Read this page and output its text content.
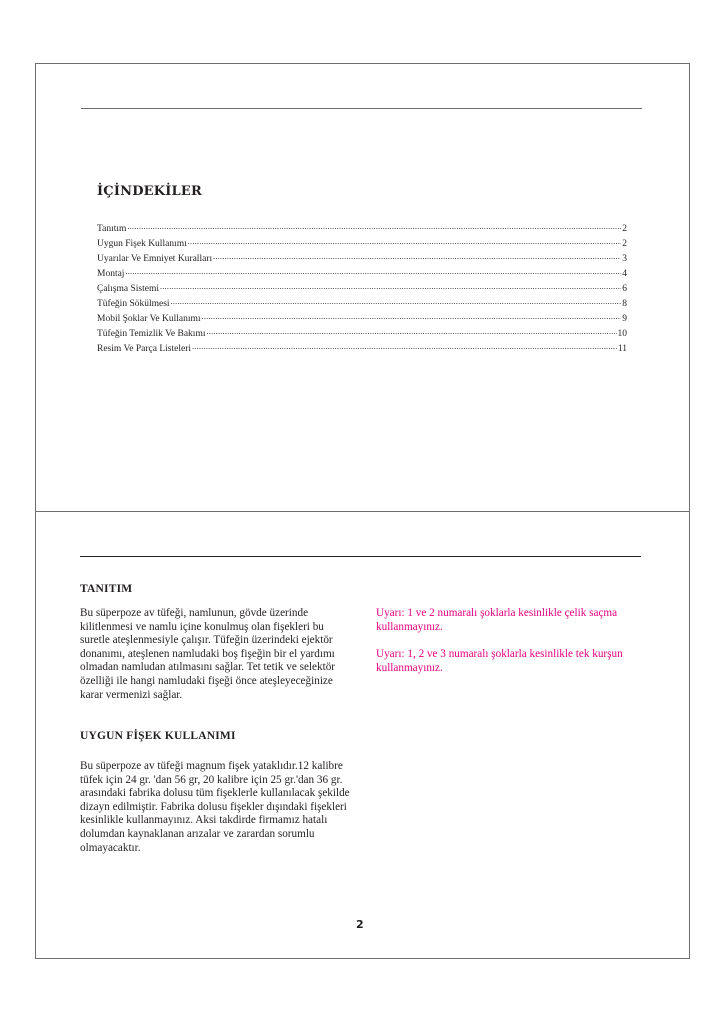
İÇİNDEKİLER
Tanıtım .....	2
Uygun Fişek Kullanımı .....	2
Uyarılar Ve Emniyet Kuralları .....	3
Montaj .....	4
Çalışma Sistemi .....	6
Tüfeğin Sökülmesi .....	8
Mobil Şoklar Ve Kullanımı .....	9
Tüfeğin Temizlik Ve Bakımı .....	10
Resim Ve Parça Listeleri .....	11
TANITIM

Bu süperpoze av tüfeği, namlunun, gövde üzerinde kilitlenmesi ve namlu içine konulmuş olan fişekleri bu suretle ateşlenmesiyle çalışır. Tüfeğin üzerindeki ejektör donanımı, ateşlenen namludaki boş fişeğin bir el yardımı olmadan namludan atılmasını sağlar. Tet tetik ve selektör özelliği ile hangi namludaki fişeği önce ateşleyeceğinize karar vermenizi sağlar.

Uyarı: 1 ve 2 numaralı şoklarla kesinlikle çelik saçma kullanmayınız.

Uyarı: 1, 2 ve 3 numaralı şoklarla kesinlikle tek kurşun kullanmayınız.

UYGUN FİŞEK KULLANIMI

Bu süperpoze av tüfeği magnum fişek yataklıdır.12 kalibre tüfek için 24 gr. 'dan 56 gr, 20 kalibre için 25 gr.'dan 36 gr. arasındaki fabrika dolusu tüm fişeklerle kullanılacak şekilde dizayn edilmiştir. Fabrika dolusu fişekler dışındaki fişekleri kesinlikle kullanmayınız. Aksi takdirde firmamız hatalı dolumdan kaynaklanan arızalar ve zarardan sorumlu olmayacaktır.

2
